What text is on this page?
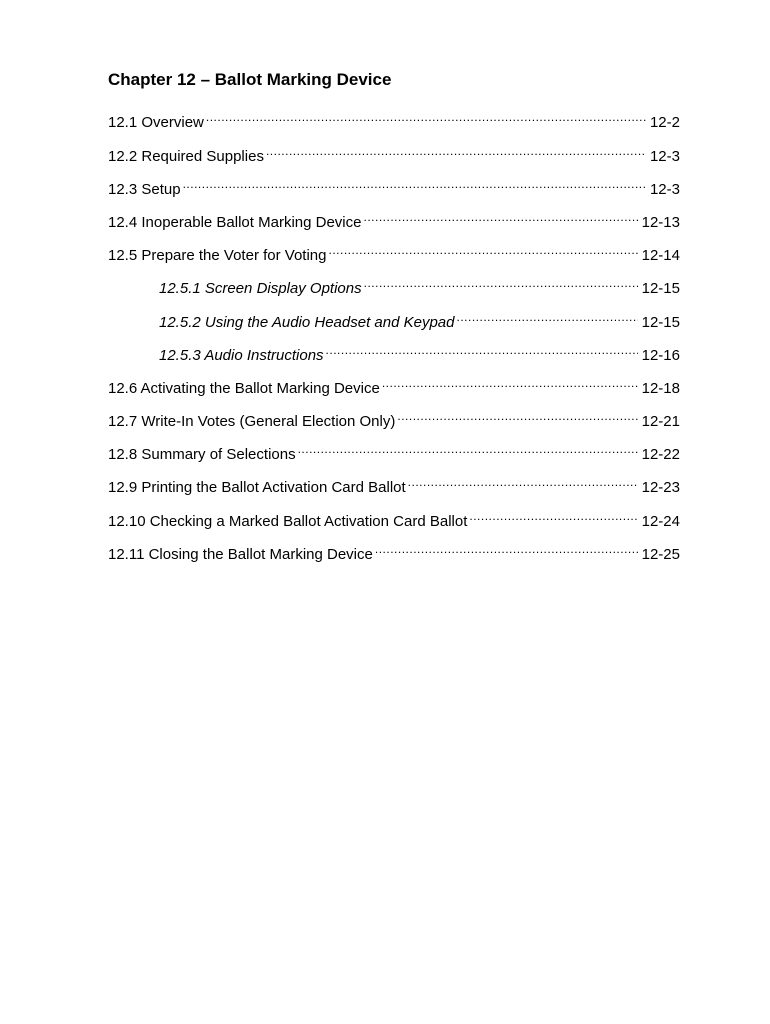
Chapter 12 – Ballot Marking Device
12.1 Overview .....	12-2
12.2 Required Supplies .....	12-3
12.3 Setup .....	12-3
12.4 Inoperable Ballot Marking Device .....	12-13
12.5 Prepare the Voter for Voting .....	12-14
12.5.1 Screen Display Options .....	12-15
12.5.2 Using the Audio Headset and Keypad .....	12-15
12.5.3 Audio Instructions .....	12-16
12.6 Activating the Ballot Marking Device .....	12-18
12.7 Write-In Votes (General Election Only) .....	12-21
12.8 Summary of Selections .....	12-22
12.9 Printing the Ballot Activation Card Ballot .....	12-23
12.10 Checking a Marked Ballot Activation Card Ballot .....	12-24
12.11 Closing the Ballot Marking Device .....	12-25
